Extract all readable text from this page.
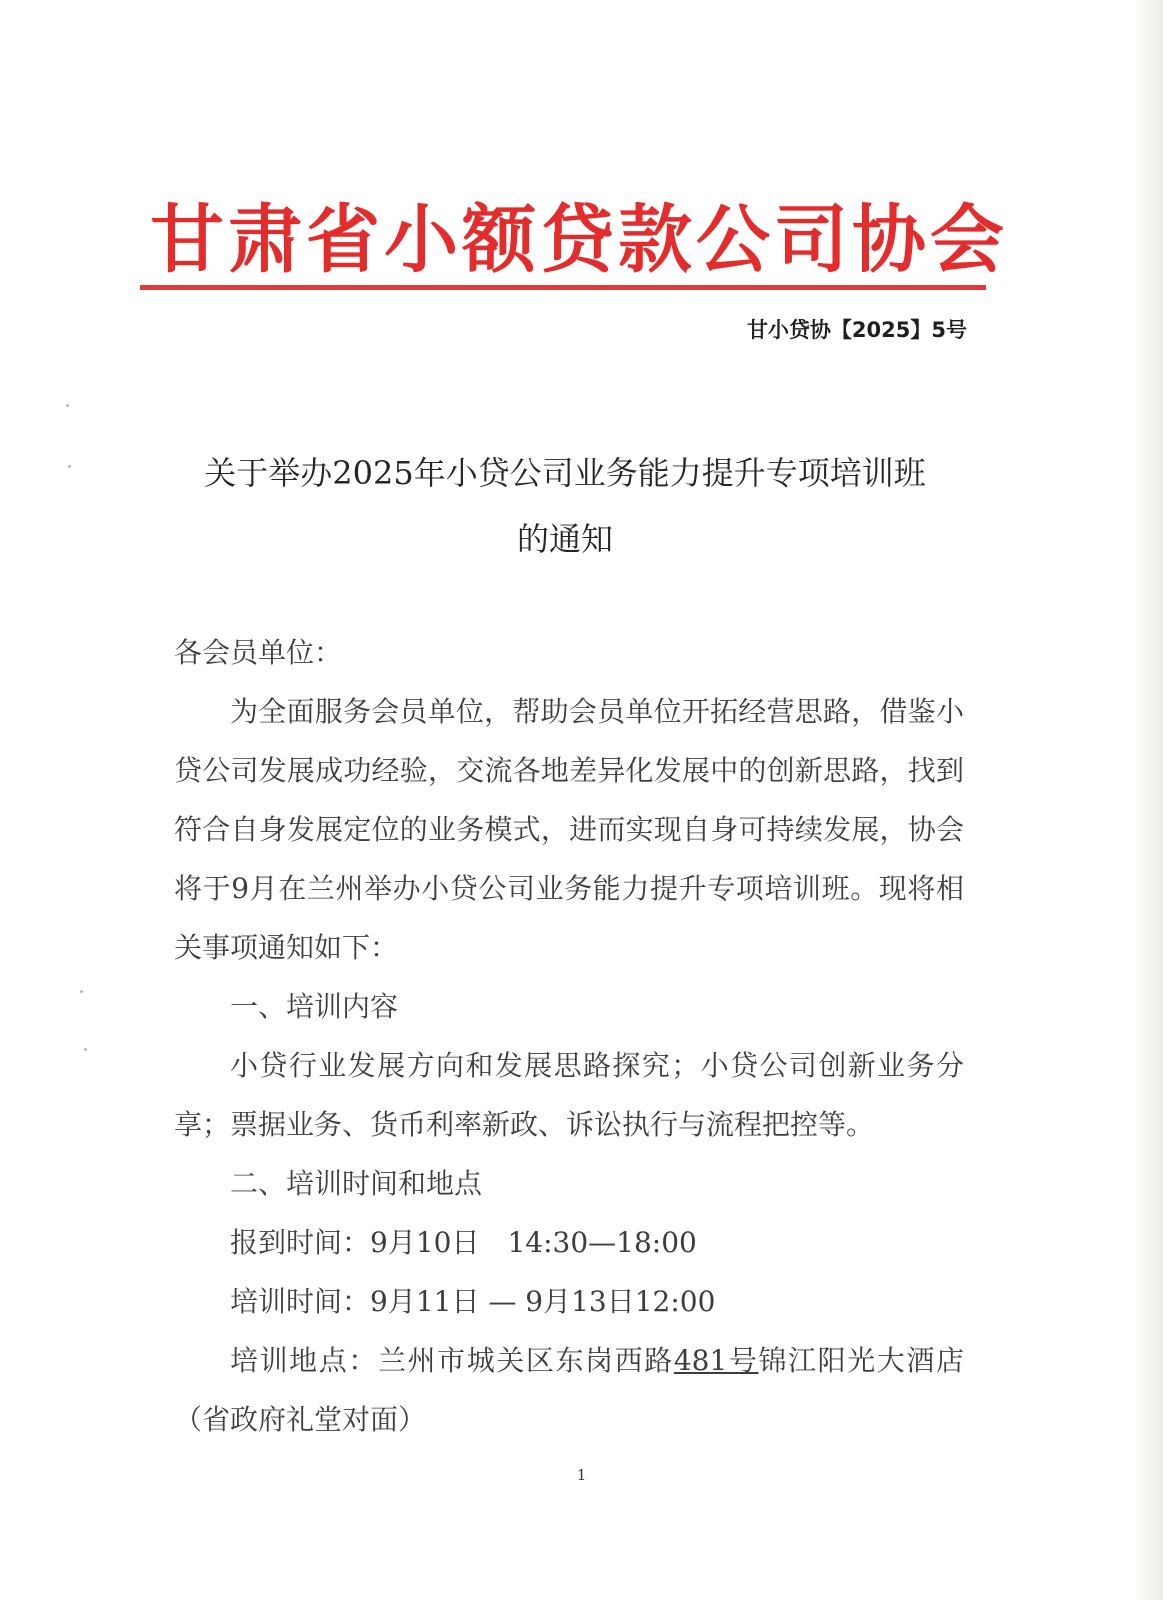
甘肃省小额贷款公司协会
甘小贷协【2025】5号
关于举办2025年小贷公司业务能力提升专项培训班
的通知

各会员单位：

为全面服务会员单位，帮助会员单位开拓经营思路，借鉴小贷公司发展成功经验，交流各地差异化发展中的创新思路，找到符合自身发展定位的业务模式，进而实现自身可持续发展，协会将于9月在兰州举办小贷公司业务能力提升专项培训班。现将相关事项通知如下：

一、培训内容

小贷行业发展方向和发展思路探究；小贷公司创新业务分享；票据业务、货币利率新政、诉讼执行与流程把控等。

二、培训时间和地点

报到时间：9月10日　14:30—18:00

培训时间：9月11日 — 9月13日12:00

培训地点：兰州市城关区东岗西路481号锦江阳光大酒店（省政府礼堂对面）

1
